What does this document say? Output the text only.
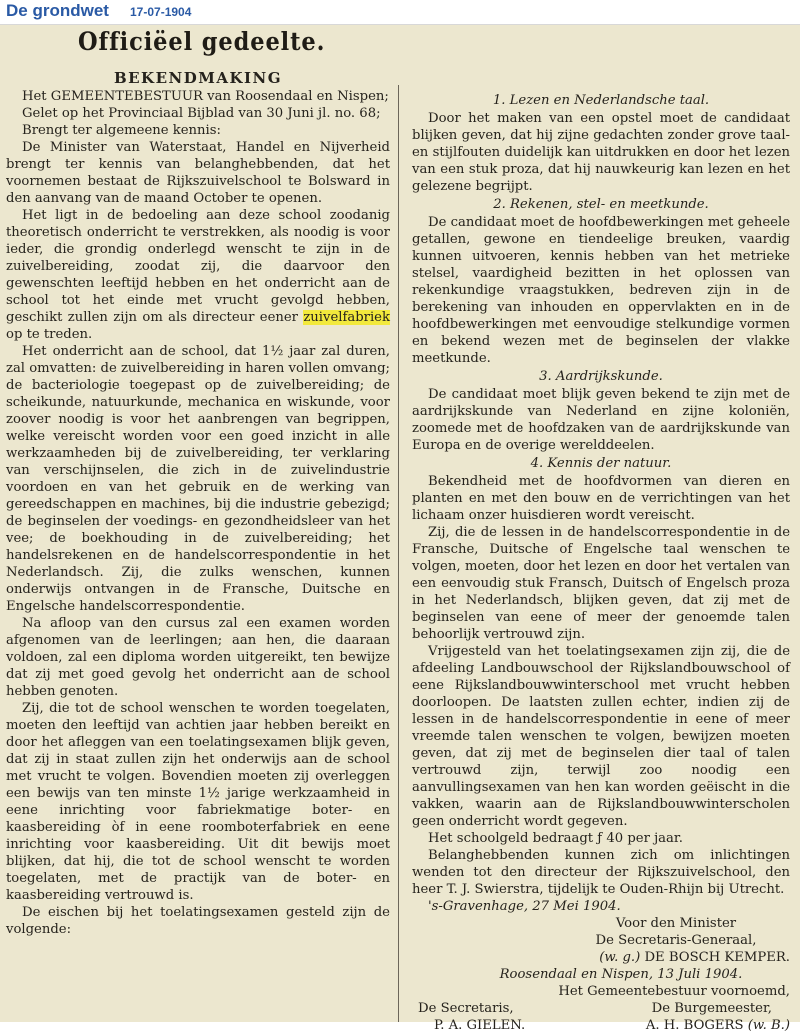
De grondwet 17-07-1904
Officiëel gedeelte.

BEKENDMAKING

Het GEMEENTEBESTUUR van Roosendaal en Nispen;

Gelet op het Provinciaal Bijblad van 30 Juni jl. no. 68;

Brengt ter algemeene kennis:

De Minister van Waterstaat, Handel en Nijverheid brengt ter kennis van belanghebbenden, dat het voornemen bestaat de Rijkszuivelschool te Bolsward in den aanvang van de maand October te openen.

Het ligt in de bedoeling aan deze school zoodanig theoretisch onderricht te verstrekken, als noodig is voor ieder, die grondig onderlegd wenscht te zijn in de zuivelbereiding, zoodat zij, die daarvoor den gewenschten leeftijd hebben en het onderricht aan de school tot het einde met vrucht gevolgd hebben, geschikt zullen zijn om als directeur eener zuivelfabriek op te treden.

Het onderricht aan de school, dat 1½ jaar zal duren, zal omvatten: de zuivelbereiding in haren vollen omvang; de bacteriologie toegepast op de zuivelbereiding; de scheikunde, natuurkunde, mechanica en wiskunde, voor zoover noodig is voor het aanbrengen van begrippen, welke vereischt worden voor een goed inzicht in alle werkzaamheden bij de zuivelbereiding, ter verklaring van verschijnselen, die zich in de zuivelindustrie voordoen en van het gebruik en de werking van gereedschappen en machines, bij die industrie gebezigd; de beginselen der voedings- en gezondheidsleer van het vee; de boekhouding in de zuivelbereiding; het handelsrekenen en de handelscorrespondentie in het Nederlandsch. Zij, die zulks wenschen, kunnen onderwijs ontvangen in de Fransche, Duitsche en Engelsche handelscorrespondentie.

Na afloop van den cursus zal een examen worden afgenomen van de leerlingen; aan hen, die daaraan voldoen, zal een diploma worden uitgereikt, ten bewijze dat zij met goed gevolg het onderricht aan de school hebben genoten.

Zij, die tot de school wenschen te worden toegelaten, moeten den leeftijd van achtien jaar hebben bereikt en door het afleggen van een toelatingsexamen blijk geven, dat zij in staat zullen zijn het onderwijs aan de school met vrucht te volgen. Bovendien moeten zij overleggen een bewijs van ten minste 1½ jarige werkzaamheid in eene inrichting voor fabriekmatige boter- en kaasbereiding òf in eene roomboterfabriek en eene inrichting voor kaasbereiding. Uit dit bewijs moet blijken, dat hij, die tot de school wenscht te worden toegelaten, met de practijk van de boter- en kaasbereiding vertrouwd is.

De eischen bij het toelatingsexamen gesteld zijn de volgende:

1. Lezen en Nederlandsche taal.

Door het maken van een opstel moet de candidaat blijken geven, dat hij zijne gedachten zonder grove taal- en stijlfouten duidelijk kan uitdrukken en door het lezen van een stuk proza, dat hij nauwkeurig kan lezen en het gelezene begrijpt.

2. Rekenen, stel- en meetkunde.

De candidaat moet de hoofdbewerkingen met geheele getallen, gewone en tiendeelige breuken, vaardig kunnen uitvoeren, kennis hebben van het metrieke stelsel, vaardigheid bezitten in het oplossen van rekenkundige vraagstukken, bedreven zijn in de berekening van inhouden en oppervlakten en in de hoofdbewerkingen met eenvoudige stelkundige vormen en bekend wezen met de beginselen der vlakke meetkunde.

3. Aardrijkskunde.

De candidaat moet blijk geven bekend te zijn met de aardrijkskunde van Nederland en zijne koloniën, zoomede met de hoofdzaken van de aardrijkskunde van Europa en de overige werelddeelen.

4. Kennis der natuur.

Bekendheid met de hoofdvormen van dieren en planten en met den bouw en de verrichtingen van het lichaam onzer huisdieren wordt vereischt.

Zij, die de lessen in de handelscorrespondentie in de Fransche, Duitsche of Engelsche taal wenschen te volgen, moeten, door het lezen en door het vertalen van een eenvoudig stuk Fransch, Duitsch of Engelsch proza in het Nederlandsch, blijken geven, dat zij met de beginselen van eene of meer der genoemde talen behoorlijk vertrouwd zijn.

Vrijgesteld van het toelatingsexamen zijn zij, die de afdeeling Landbouwschool der Rijkslandbouwschool of eene Rijkslandbouwwinterschool met vrucht hebben doorloopen. De laatsten zullen echter, indien zij de lessen in de handelscorrespondentie in eene of meer vreemde talen wenschen te volgen, bewijzen moeten geven, dat zij met de beginselen dier taal of talen vertrouwd zijn, terwijl zoo noodig een aanvullingsexamen van hen kan worden geëischt in die vakken, waarin aan de Rijkslandbouwwinterscholen geen onderricht wordt gegeven.

Het schoolgeld bedraagt ƒ 40 per jaar.

Belanghebbenden kunnen zich om inlichtingen wenden tot den directeur der Rijkszuivelschool, den heer T. J. Swierstra, tijdelijk te Ouden-Rhijn bij Utrecht.

's-Gravenhage, 27 Mei 1904.

Voor den Minister

De Secretaris-Generaal,

(w. g.) DE BOSCH KEMPER.

Roosendaal en Nispen, 13 Juli 1904.

Het Gemeentebestuur voornoemd,

De Secretaris,	De Burgemeester,
P. A. GIELEN.	A. H. BOGERS (w. B.)
